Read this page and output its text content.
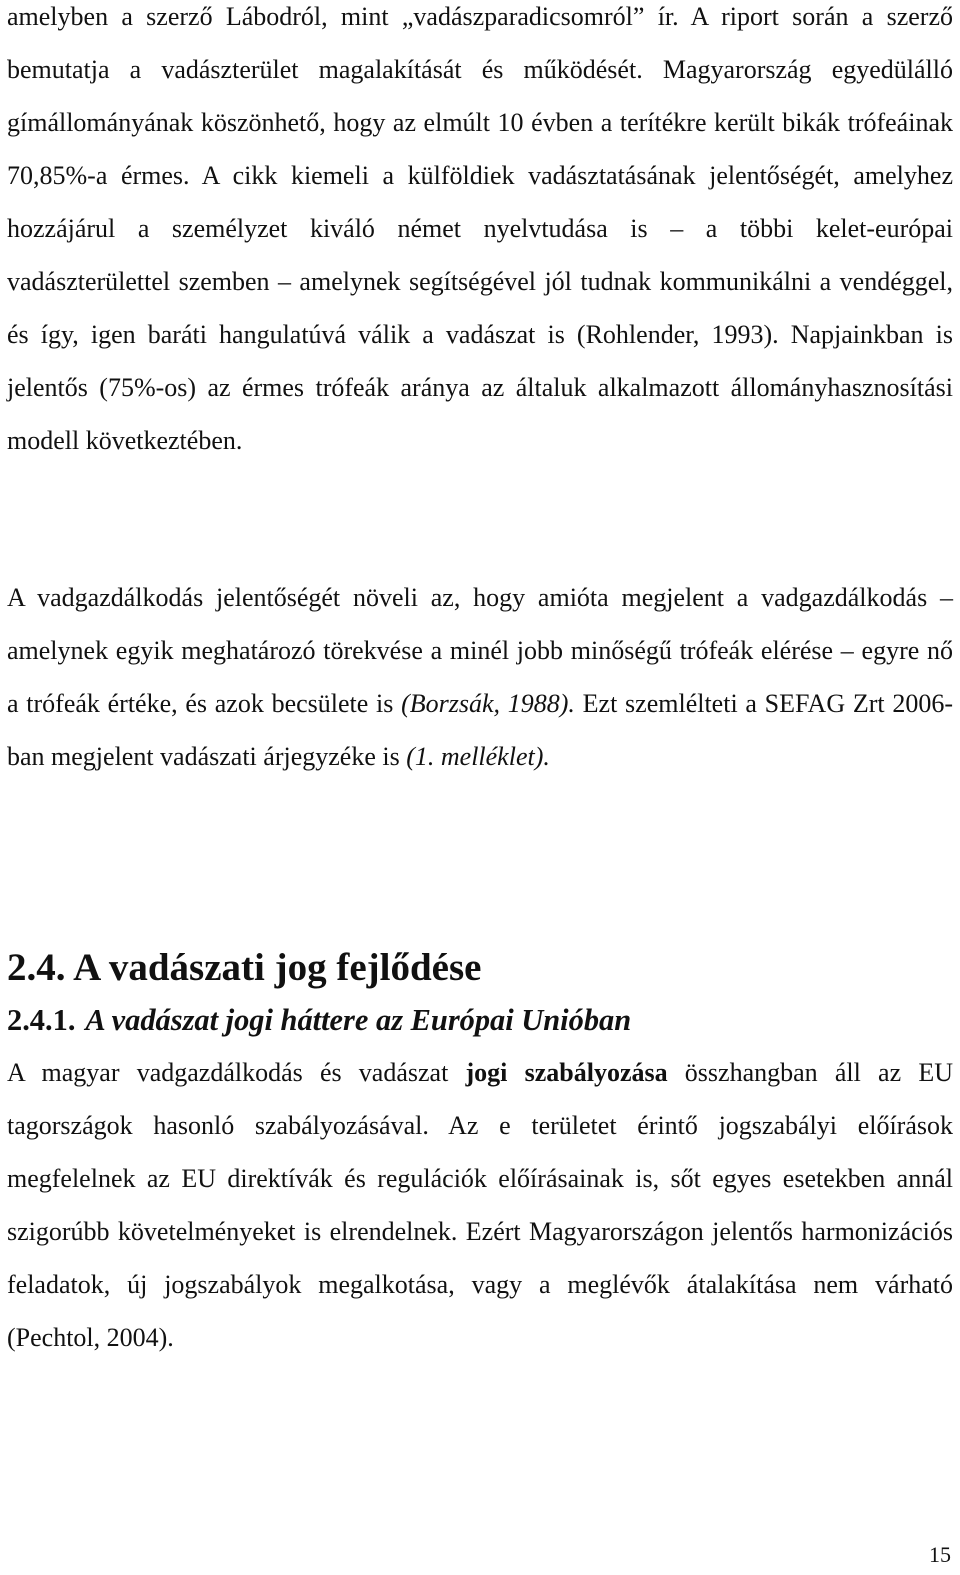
amelyben a szerző Lábodról, mint „vadászparadicsomról” ír. A riport során a szerző bemutatja a vadászterület magalakítását és működését. Magyarország egyedülálló gímállományának köszönhető, hogy az elmúlt 10 évben a terítékre került bikák trófeáinak 70,85%-a érmes. A cikk kiemeli a külföldiek vadásztatásának jelentőségét, amelyhez hozzájárul a személyzet kiváló német nyelvtudása is – a többi kelet-európai vadászterülettel szemben – amelynek segítségével jól tudnak kommunikálni a vendéggel, és így, igen baráti hangulatúvá válik a vadászat is (Rohlender, 1993). Napjainkban is jelentős (75%-os) az érmes trófeák aránya az általuk alkalmazott állományhasznosítási modell következtében.

A vadgazdálkodás jelentőségét növeli az, hogy amióta megjelent a vadgazdálkodás – amelynek egyik meghatározó törekvése a minél jobb minőségű trófeák elérése – egyre nő a trófeák értéke, és azok becsülete is (Borzsák, 1988). Ezt szemlélteti a SEFAG Zrt 2006-ban megjelent vadászati árjegyzéke is (1. melléklet).

2.4. A vadászati jog fejlődése
2.4.1. A vadászat jogi háttere az Európai Unióban

A magyar vadgazdálkodás és vadászat jogi szabályozása összhangban áll az EU tagországok hasonló szabályozásával. Az e területet érintő jogszabályi előírások megfelelnek az EU direktívák és regulációk előírásainak is, sőt egyes esetekben annál szigorúbb követelményeket is elrendelnek. Ezért Magyarországon jelentős harmonizációs feladatok, új jogszabályok megalkotása, vagy a meglévők átalakítása nem várható (Pechtol, 2004).

15
